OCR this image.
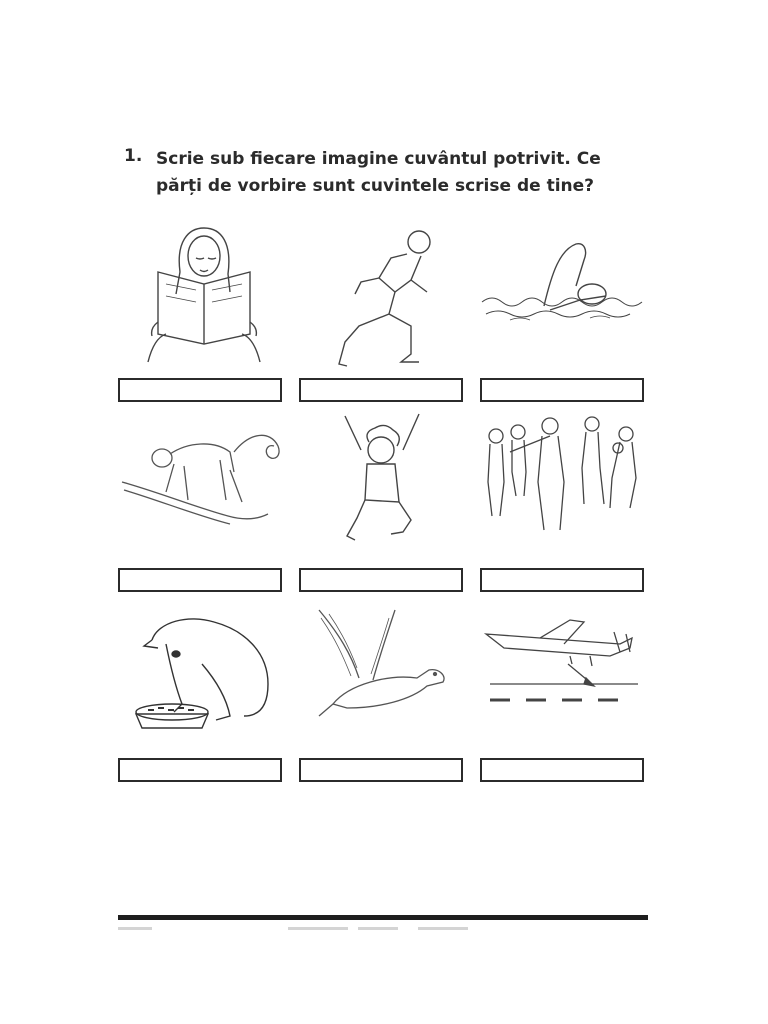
1. Scrie sub fiecare imagine cuvântul potrivit. Ce părți de vorbire sunt cuvintele scrise de tine?
